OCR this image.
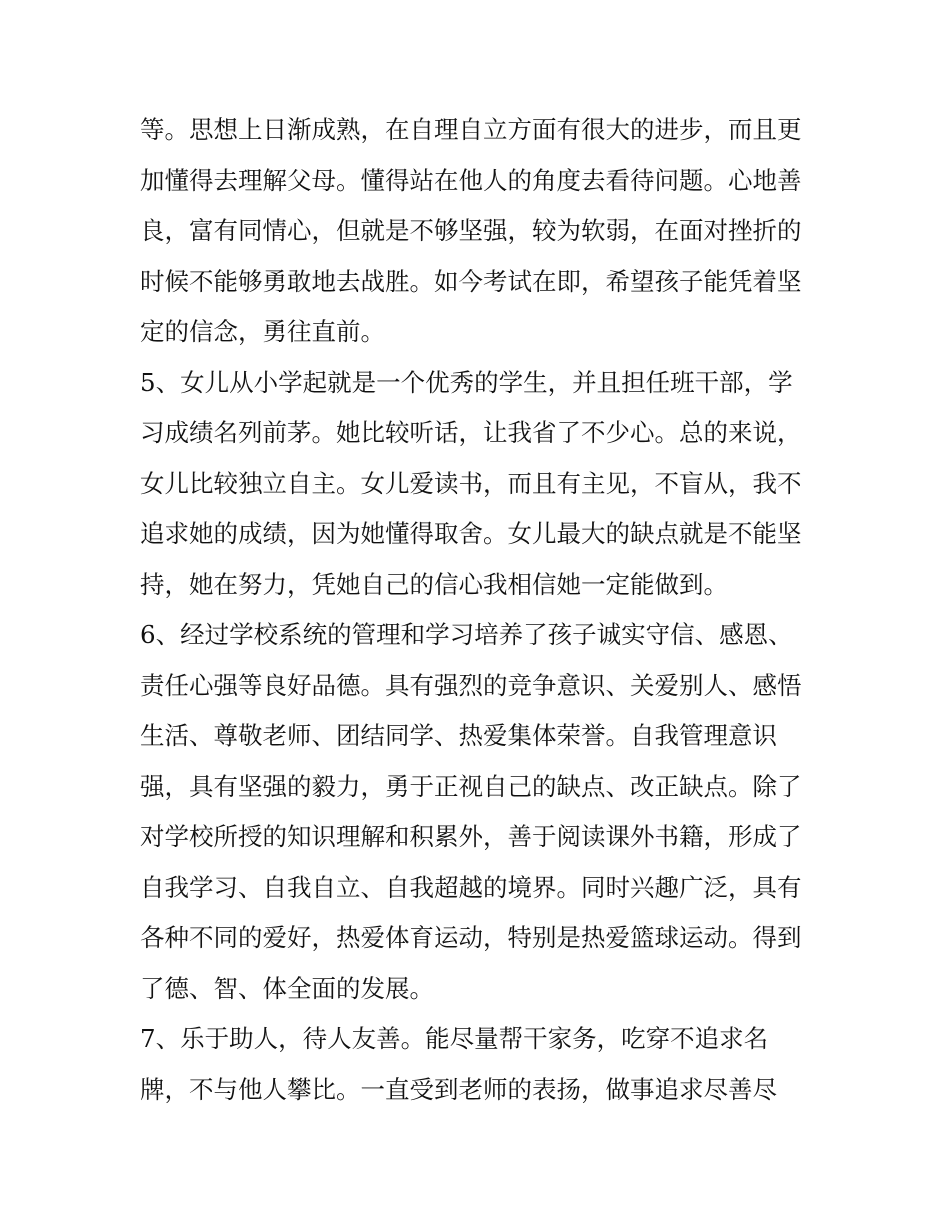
等。思想上日渐成熟，在自理自立方面有很大的进步，而且更

加懂得去理解父母。懂得站在他人的角度去看待问题。心地善

良，富有同情心，但就是不够坚强，较为软弱，在面对挫折的

时候不能够勇敢地去战胜。如今考试在即，希望孩子能凭着坚

定的信念，勇往直前。

5、女儿从小学起就是一个优秀的学生，并且担任班干部，学

习成绩名列前茅。她比较听话，让我省了不少心。总的来说，

女儿比较独立自主。女儿爱读书，而且有主见，不盲从，我不

追求她的成绩，因为她懂得取舍。女儿最大的缺点就是不能坚

持，她在努力，凭她自己的信心我相信她一定能做到。

6、经过学校系统的管理和学习培养了孩子诚实守信、感恩、

责任心强等良好品德。具有强烈的竞争意识、关爱别人、感悟

生活、尊敬老师、团结同学、热爱集体荣誉。自我管理意识

强，具有坚强的毅力，勇于正视自己的缺点、改正缺点。除了

对学校所授的知识理解和积累外，善于阅读课外书籍，形成了

自我学习、自我自立、自我超越的境界。同时兴趣广泛，具有

各种不同的爱好，热爱体育运动，特别是热爱篮球运动。得到

了德、智、体全面的发展。

7、乐于助人，待人友善。能尽量帮干家务，吃穿不追求名

牌，不与他人攀比。一直受到老师的表扬，做事追求尽善尽
